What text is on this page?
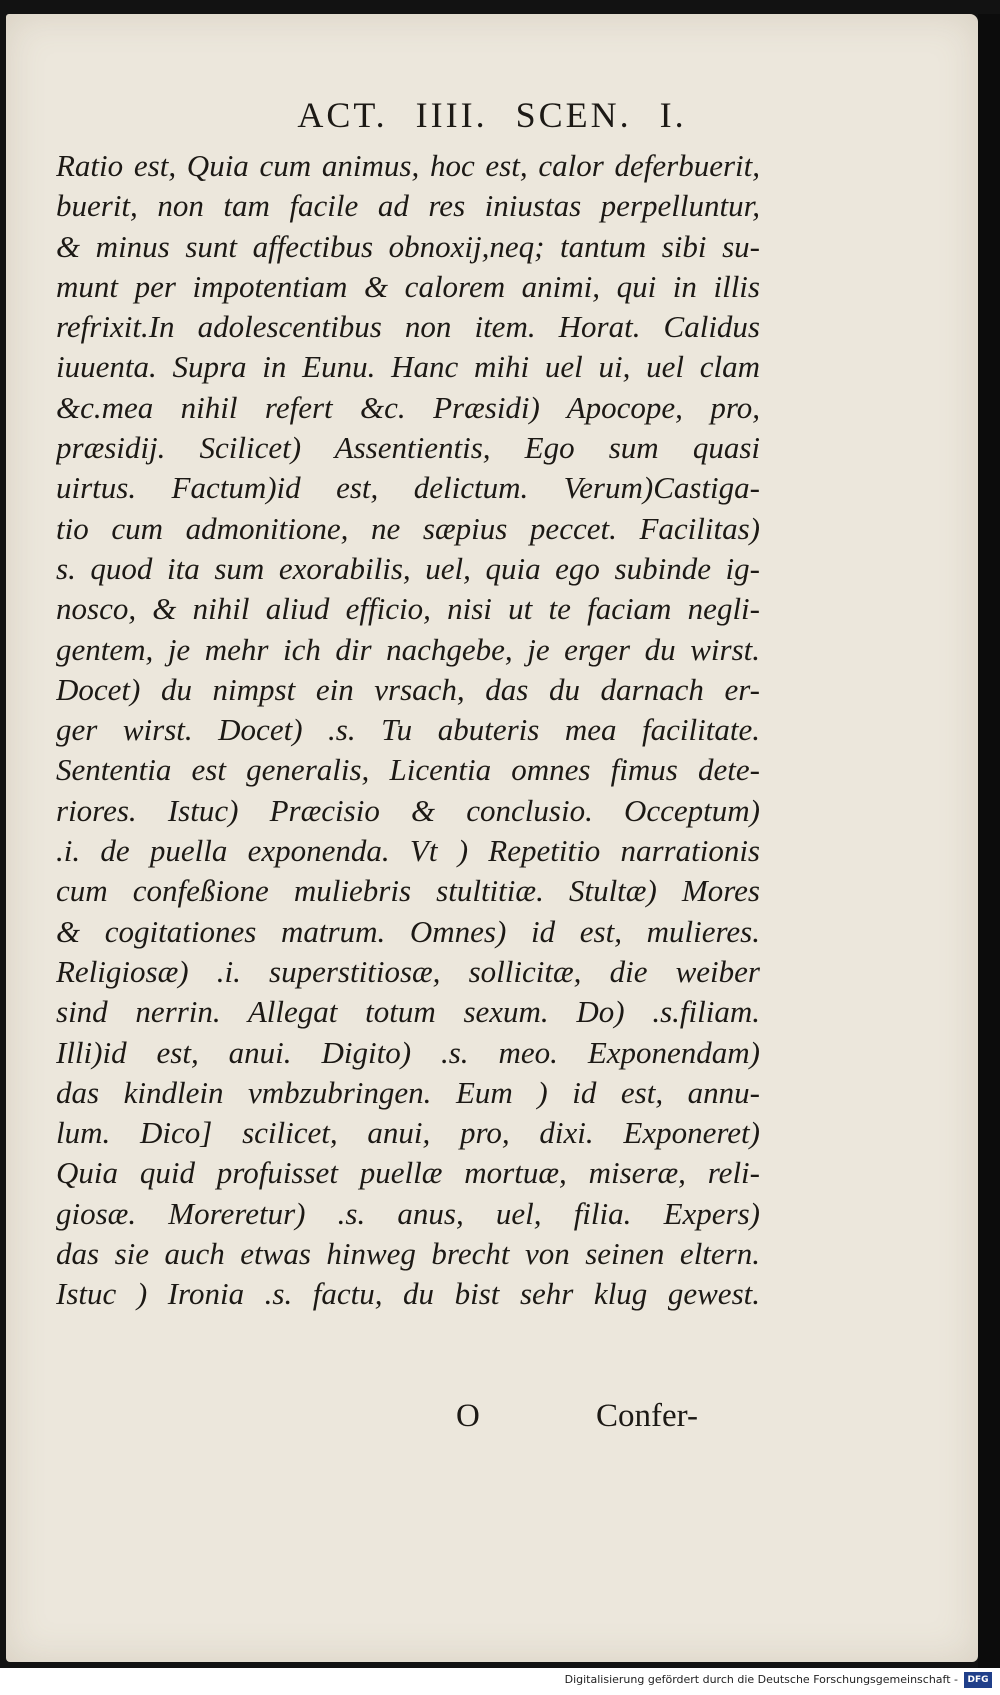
ACT. IIII. SCEN. I.
Ratio est, Quia cum animus, hoc est, calor deferbuerit,
buerit, non tam facile ad res iniustas perpelluntur,
& minus sunt affectibus obnoxij,neq; tantum sibi su-
munt per impotentiam & calorem animi, qui in illis
refrixit.In adolescentibus non item. Horat. Calidus
iuuenta. Supra in Eunu. Hanc mihi uel ui, uel clam
&c.mea nihil refert &c. Præsidi) Apocope, pro,
præsidij. Scilicet) Assentientis, Ego sum quasi
uirtus. Factum)id est, delictum. Verum)Castiga-
tio cum admonitione, ne sæpius peccet. Facilitas)
s. quod ita sum exorabilis, uel, quia ego subinde ig-
nosco, & nihil aliud efficio, nisi ut te faciam negli-
gentem, je mehr ich dir nachgebe, je erger du wirst.
Docet) du nimpst ein vrsach, das du darnach er-
ger wirst. Docet) .s. Tu abuteris mea facilitate.
Sententia est generalis, Licentia omnes fimus dete-
riores. Istuc) Præcisio & conclusio. Occeptum)
.i. de puella exponenda. Vt ) Repetitio narrationis
cum confeßione muliebris stultitiæ. Stultæ) Mores
& cogitationes matrum. Omnes) id est, mulieres.
Religiosæ) .i. superstitiosæ, sollicitæ, die weiber
sind nerrin. Allegat totum sexum. Do) .s.filiam.
Illi)id est, anui. Digito) .s. meo. Exponendam)
das kindlein vmbzubringen. Eum ) id est, annu-
lum. Dico] scilicet, anui, pro, dixi. Exponeret)
Quia quid profuisset puellæ mortuæ, miseræ, reli-
giosæ. Moreretur) .s. anus, uel, filia. Expers)
das sie auch etwas hinweg brecht von seinen eltern.
Istuc ) Ironia .s. factu, du bist sehr klug gewest.
O	Confer-
Digitalisierung gefördert durch die Deutsche Forschungsgemeinschaft -	DFG
